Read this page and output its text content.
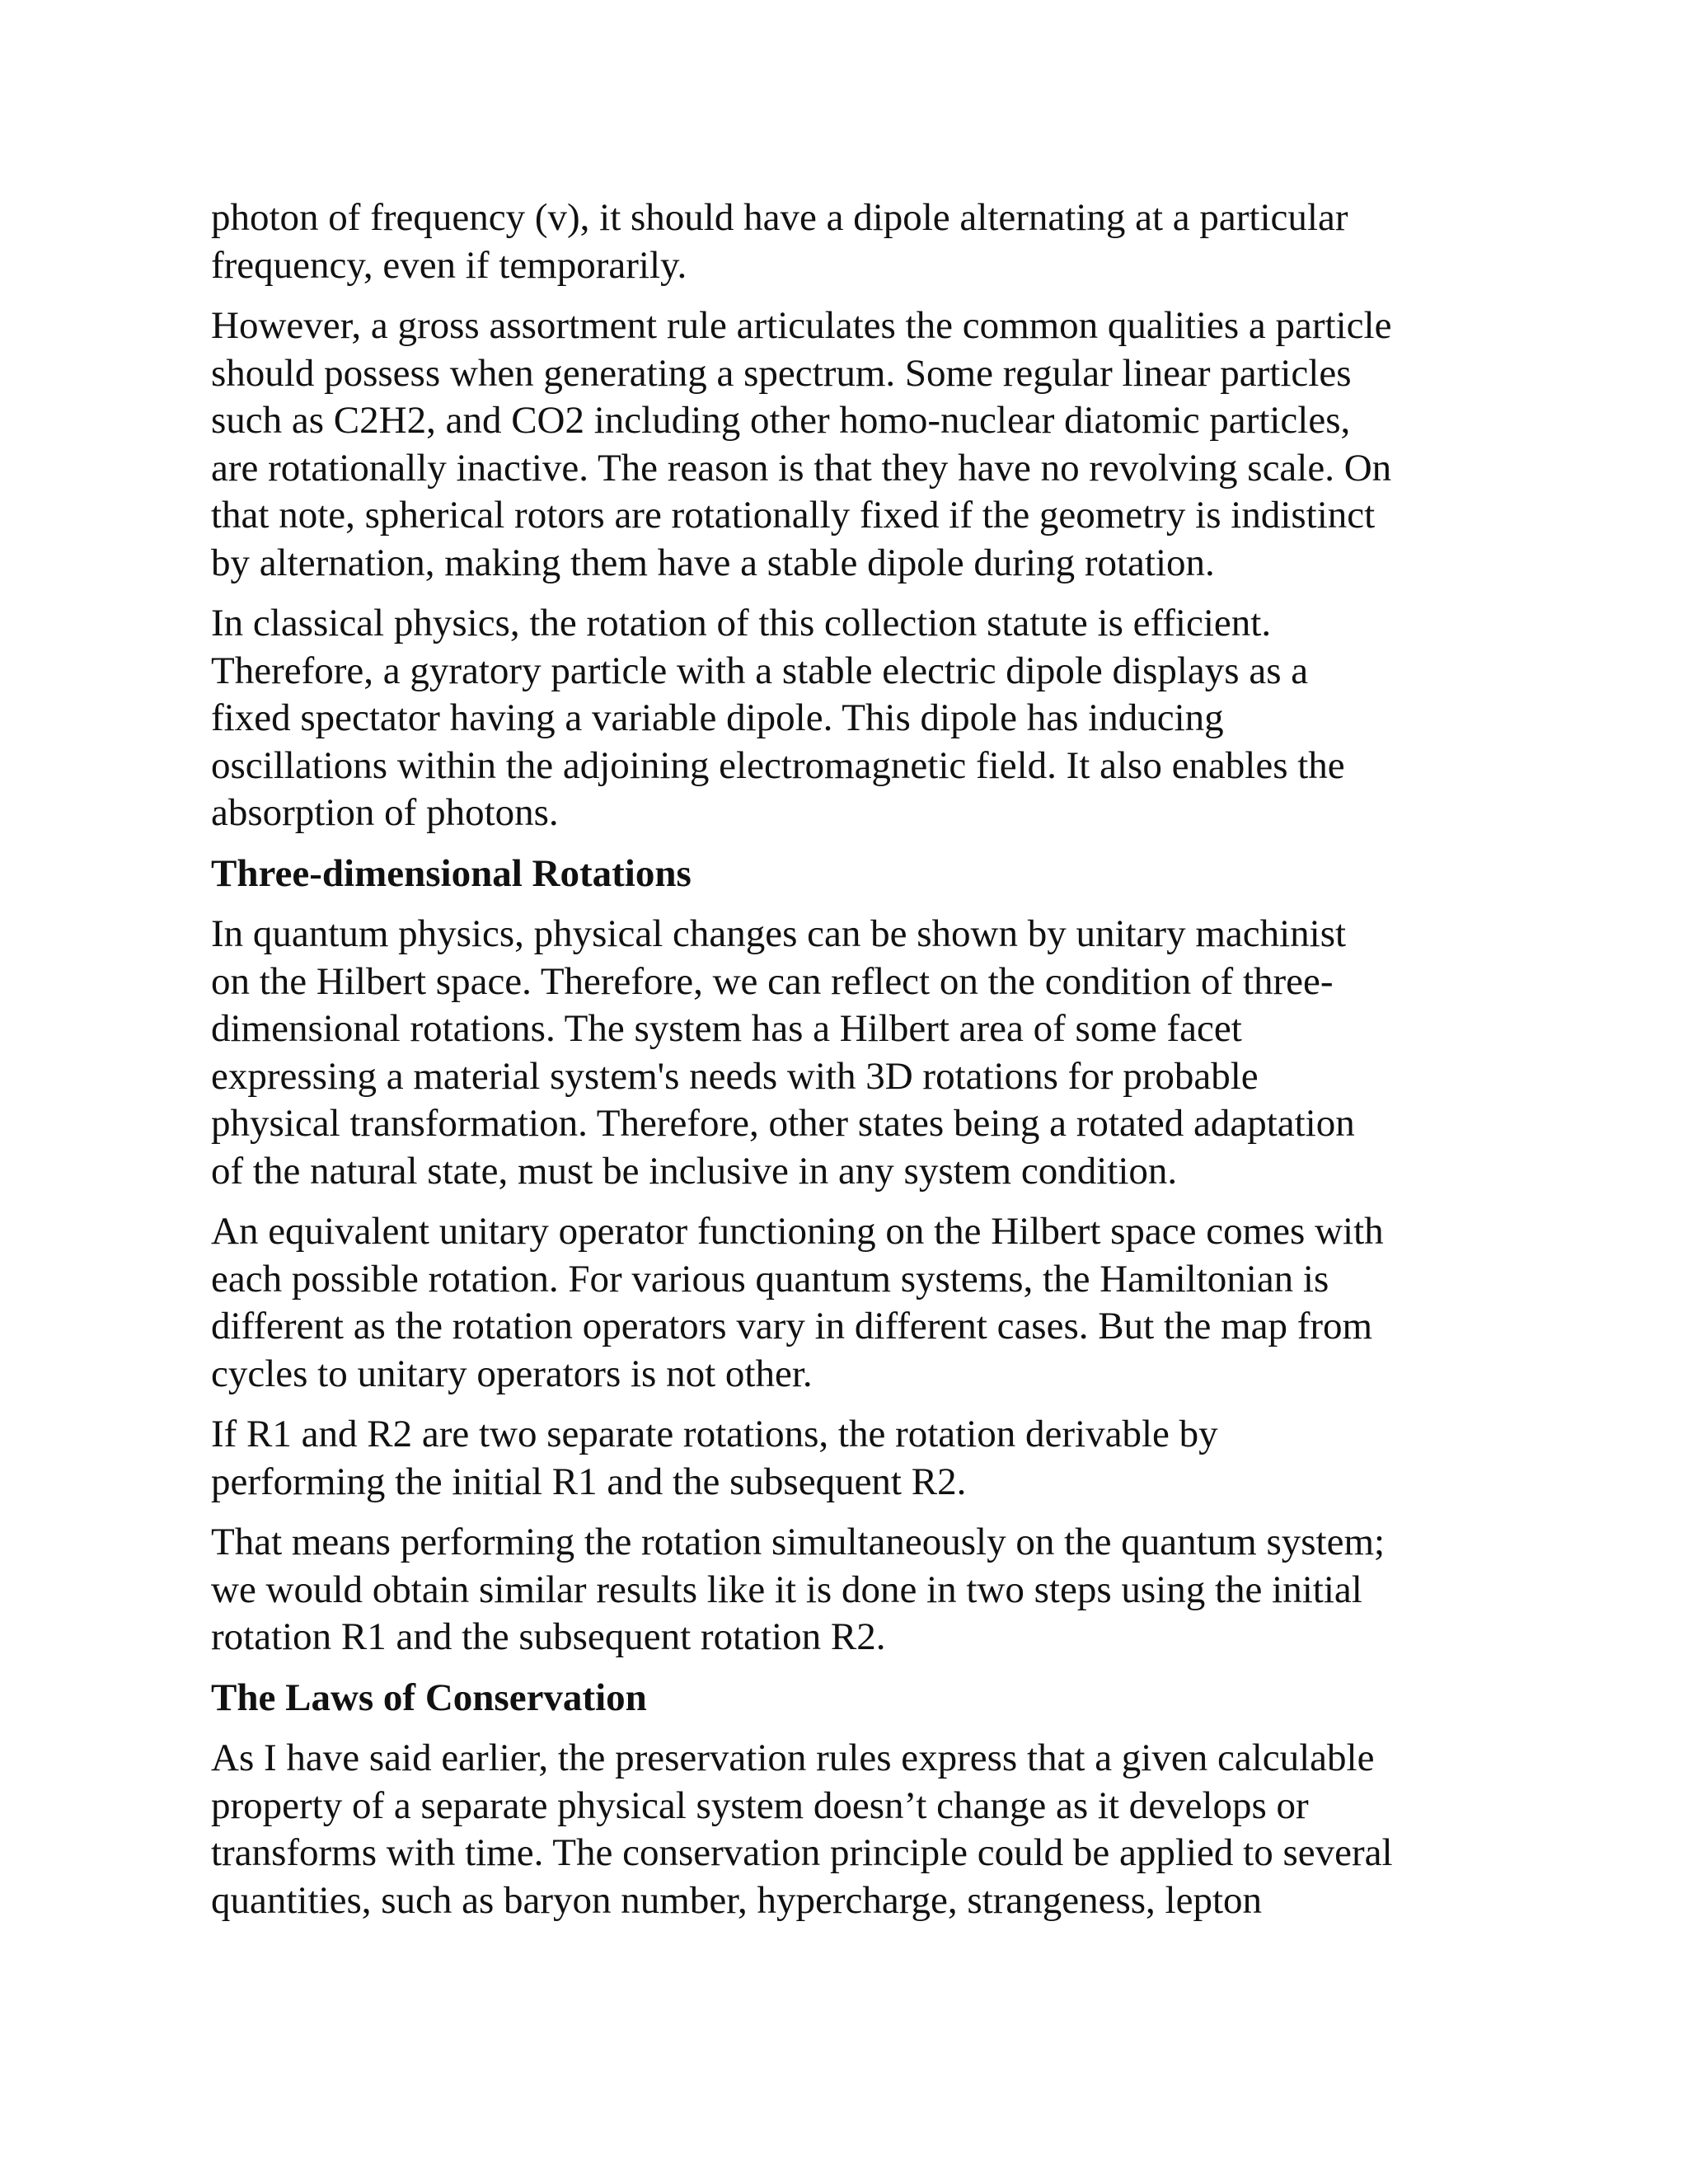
photon of frequency (v), it should have a dipole alternating at a particular
frequency, even if temporarily.

However, a gross assortment rule articulates the common qualities a particle
should possess when generating a spectrum. Some regular linear particles
such as C2H2, and CO2 including other homo-nuclear diatomic particles,
are rotationally inactive. The reason is that they have no revolving scale. On
that note, spherical rotors are rotationally fixed if the geometry is indistinct
by alternation, making them have a stable dipole during rotation.

In classical physics, the rotation of this collection statute is efficient.
Therefore, a gyratory particle with a stable electric dipole displays as a
fixed spectator having a variable dipole. This dipole has inducing
oscillations within the adjoining electromagnetic field. It also enables the
absorption of photons.

Three-dimensional Rotations

In quantum physics, physical changes can be shown by unitary machinist
on the Hilbert space. Therefore, we can reflect on the condition of three-
dimensional rotations. The system has a Hilbert area of some facet
expressing a material system's needs with 3D rotations for probable
physical transformation. Therefore, other states being a rotated adaptation
of the natural state, must be inclusive in any system condition.

An equivalent unitary operator functioning on the Hilbert space comes with
each possible rotation. For various quantum systems, the Hamiltonian is
different as the rotation operators vary in different cases. But the map from
cycles to unitary operators is not other.

If R1 and R2 are two separate rotations, the rotation derivable by
performing the initial R1 and the subsequent R2.

That means performing the rotation simultaneously on the quantum system;
we would obtain similar results like it is done in two steps using the initial
rotation R1 and the subsequent rotation R2.

The Laws of Conservation

As I have said earlier, the preservation rules express that a given calculable
property of a separate physical system doesn’t change as it develops or
transforms with time. The conservation principle could be applied to several
quantities, such as baryon number, hypercharge, strangeness, lepton
